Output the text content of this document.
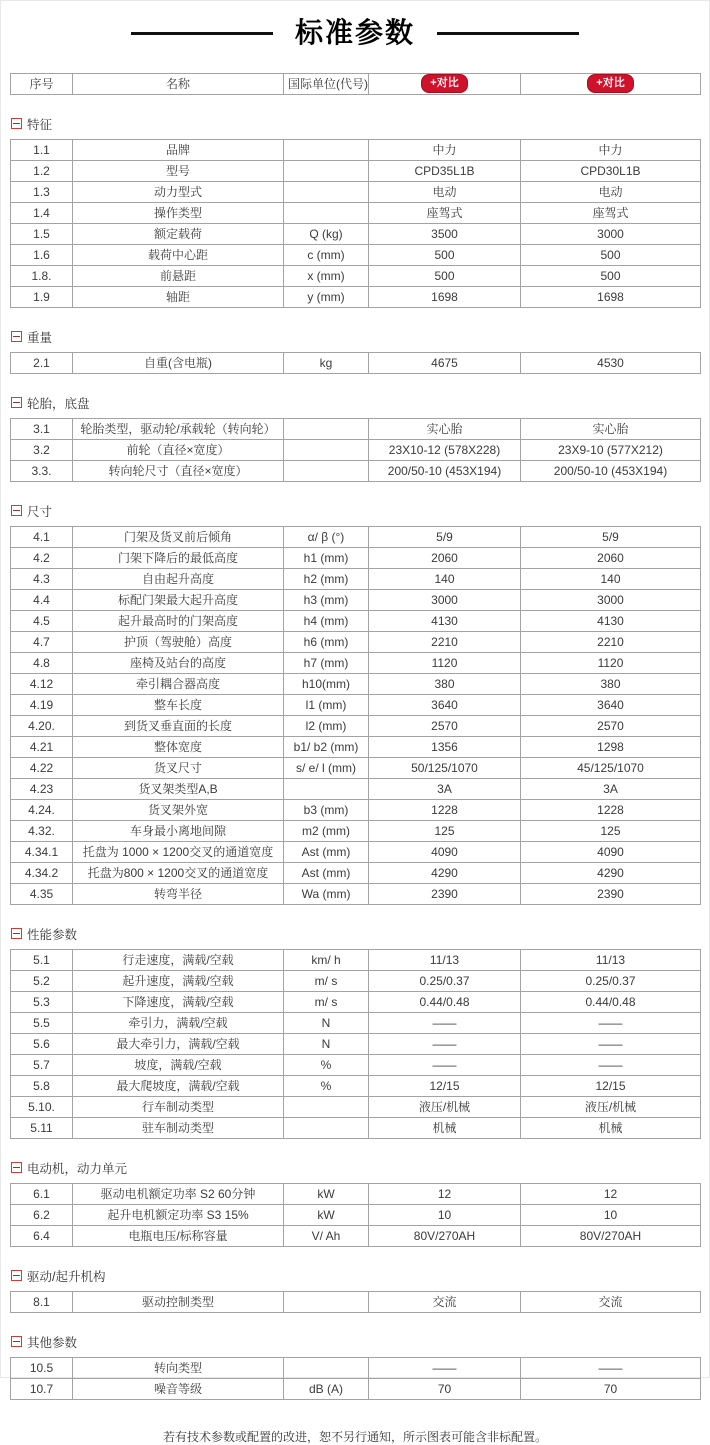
标准参数
序号	名称	国际单位(代号)	+对比	+对比
特征
1.1	品牌		中力	中力
1.2	型号		CPD35L1B	CPD30L1B
1.3	动力型式		电动	电动
1.4	操作类型		座驾式	座驾式
1.5	额定载荷	Q (kg)	3500	3000
1.6	载荷中心距	c (mm)	500	500
1.8.	前悬距	x (mm)	500	500
1.9	轴距	y (mm)	1698	1698
重量
2.1	自重(含电瓶)	kg	4675	4530
轮胎，底盘
3.1	轮胎类型，驱动轮/承载轮（转向轮）		实心胎	实心胎
3.2	前轮（直径×宽度）		23X10-12 (578X228)	23X9-10 (577X212)
3.3.	转向轮尺寸（直径×宽度）		200/50-10 (453X194)	200/50-10 (453X194)
尺寸
4.1	门架及货叉前后倾角	α/ β (°)	5/9	5/9
4.2	门架下降后的最低高度	h1 (mm)	2060	2060
4.3	自由起升高度	h2 (mm)	140	140
4.4	标配门架最大起升高度	h3 (mm)	3000	3000
4.5	起升最高时的门架高度	h4 (mm)	4130	4130
4.7	护顶（驾驶舱）高度	h6 (mm)	2210	2210
4.8	座椅及站台的高度	h7 (mm)	1120	1120
4.12	牵引耦合器高度	h10(mm)	380	380
4.19	整车长度	l1 (mm)	3640	3640
4.20.	到货叉垂直面的长度	l2 (mm)	2570	2570
4.21	整体宽度	b1/ b2 (mm)	1356	1298
4.22	货叉尺寸	s/ e/ l (mm)	50/125/1070	45/125/1070
4.23	货叉架类型A,B		3A	3A
4.24.	货叉架外宽	b3 (mm)	1228	1228
4.32.	车身最小离地间隙	m2 (mm)	125	125
4.34.1	托盘为 1000 × 1200交叉的通道宽度	Ast (mm)	4090	4090
4.34.2	托盘为800 × 1200交叉的通道宽度	Ast (mm)	4290	4290
4.35	转弯半径	Wa (mm)	2390	2390
性能参数
5.1	行走速度，满载/空载	km/ h	11/13	11/13
5.2	起升速度，满载/空载	m/ s	0.25/0.37	0.25/0.37
5.3	下降速度，满载/空载	m/ s	0.44/0.48	0.44/0.48
5.5	牵引力，满载/空载	N	——	——
5.6	最大牵引力，满载/空载	N	——	——
5.7	坡度，满载/空载	%	——	——
5.8	最大爬坡度，满载/空载	%	12/15	12/15
5.10.	行车制动类型		液压/机械	液压/机械
5.11	驻车制动类型		机械	机械
电动机，动力单元
6.1	驱动电机额定功率 S2 60分钟	kW	12	12
6.2	起升电机额定功率 S3 15%	kW	10	10
6.4	电瓶电压/标称容量	V/ Ah	80V/270AH	80V/270AH
驱动/起升机构
8.1	驱动控制类型		交流	交流
其他参数
10.5	转向类型		——	——
10.7	噪音等级	dB (A)	70	70
若有技术参数或配置的改进，恕不另行通知，所示图表可能含非标配置。
